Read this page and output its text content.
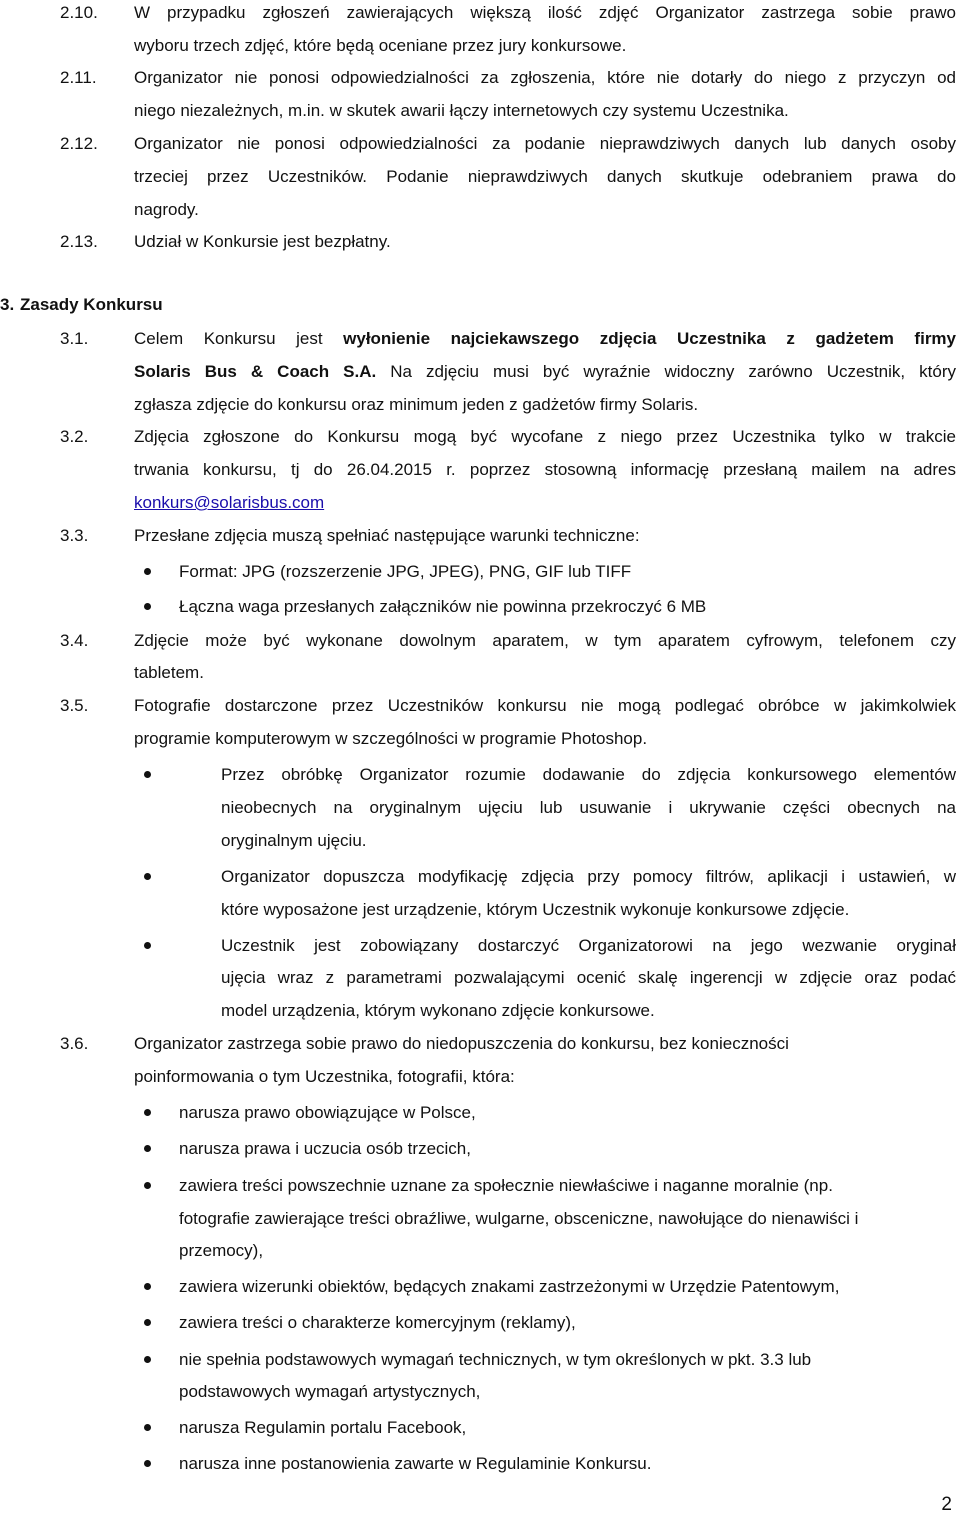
2.10. W przypadku zgłoszeń zawierających większą ilość zdjęć Organizator zastrzega sobie prawo
wyboru trzech zdjęć, które będą oceniane przez jury konkursowe.
2.11. Organizator nie ponosi odpowiedzialności za zgłoszenia, które nie dotarły do niego z przyczyn od
niego niezależnych, m.in. w skutek awarii łączy internetowych czy systemu Uczestnika.
2.12. Organizator nie ponosi odpowiedzialności za podanie nieprawdziwych danych lub danych osoby
trzeciej przez Uczestników. Podanie nieprawdziwych danych skutkuje odebraniem prawa do
nagrody.
2.13. Udział w Konkursie jest bezpłatny.
3. Zasady Konkursu
3.1.	Celem Konkursu jest wyłonienie najciekawszego zdjęcia Uczestnika z gadżetem firmy
Solaris Bus & Coach S.A. Na zdjęciu musi być wyraźnie widoczny zarówno Uczestnik, który
zgłasza zdjęcie do konkursu oraz minimum jeden z gadżetów firmy Solaris.
3.2.	Zdjęcia zgłoszone do Konkursu mogą być wycofane z niego przez Uczestnika tylko w trakcie
trwania konkursu, tj do 26.04.2015 r. poprzez stosowną informację przesłaną mailem na adres
konkurs@solarisbus.com
3.3.	Przesłane zdjęcia muszą spełniać następujące warunki techniczne:
Format: JPG (rozszerzenie JPG, JPEG), PNG, GIF lub TIFF
Łączna waga przesłanych załączników nie powinna przekroczyć 6 MB
3.4.	Zdjęcie może być wykonane dowolnym aparatem, w tym aparatem cyfrowym, telefonem czy
tabletem.
3.5.	Fotografie dostarczone przez Uczestników konkursu nie mogą podlegać obróbce w jakimkolwiek
programie komputerowym w szczególności w programie Photoshop.
Przez obróbkę Organizator rozumie dodawanie do zdjęcia konkursowego elementów
nieobecnych na oryginalnym ujęciu lub usuwanie i ukrywanie części obecnych na
oryginalnym ujęciu.
Organizator dopuszcza modyfikację zdjęcia przy pomocy filtrów, aplikacji i ustawień, w
które wyposażone jest urządzenie, którym Uczestnik wykonuje konkursowe zdjęcie.
Uczestnik jest zobowiązany dostarczyć Organizatorowi na jego wezwanie oryginał
ujęcia wraz z parametrami pozwalającymi ocenić skalę ingerencji w zdjęcie oraz podać
model urządzenia, którym wykonano zdjęcie konkursowe.
3.6.	Organizator zastrzega sobie prawo do niedopuszczenia do konkursu, bez konieczności
poinformowania o tym Uczestnika, fotografii, która:
narusza prawo obowiązujące w Polsce,
narusza prawa i uczucia osób trzecich,
zawiera treści powszechnie uznane za społecznie niewłaściwe i naganne moralnie (np.
fotografie zawierające treści obraźliwe, wulgarne, obsceniczne, nawołujące do nienawiści i
przemocy),
zawiera wizerunki obiektów, będących znakami zastrzeżonymi w Urzędzie Patentowym,
zawiera treści o charakterze komercyjnym (reklamy),
nie spełnia podstawowych wymagań technicznych, w tym określonych w pkt. 3.3 lub
podstawowych wymagań artystycznych,
narusza Regulamin portalu Facebook,
narusza inne postanowienia zawarte w Regulaminie Konkursu.
2
